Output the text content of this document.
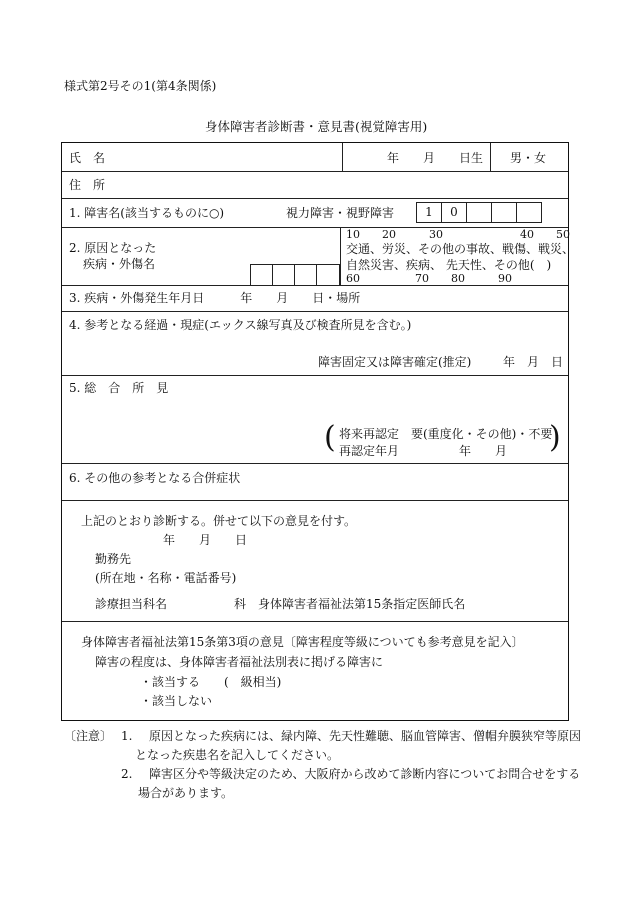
様式第2号その1(第4条関係)
身体障害者診断書・意見書(視覚障害用)
氏　名	年　　月　　日生 男・女
住　所
1. 障害名(該当するものに○)	視力障害・視野障害	1	0
2. 原因となった
疾病・外傷名
10　　20　　　30　　　　　　　40　　50
交通、労災、その他の事故、戦傷、戦災、
自然災害、疾病、 先天性、その他(　)
60　　　　　70　　80　　　90
3. 疾病・外傷発生年月日　　　年　　月　　日・場所
4. 参考となる経過・現症(エックス線写真及び検査所見を含む。)
障害固定又は障害確定(推定)	年　月　日
5. 総　合　所　見
( 将来再認定　要(重度化・その他)・不要
再認定年月　　　　　年　　月 )
6. その他の参考となる合併症状
上記のとおり診断する。併せて以下の意見を付す。
年　　月　　日
勤務先
(所在地・名称・電話番号)
診療担当科名	科　身体障害者福祉法第15条指定医師氏名
身体障害者福祉法第15条第3項の意見〔障害程度等級についても参考意見を記入〕
障害の程度は、身体障害者福祉法別表に掲げる障害に
・該当する　　(　級相当)
・該当しない
〔注意〕 1. 原因となった疾病には、緑内障、先天性難聴、脳血管障害、僧帽弁膜狭窄等原因
となった疾患名を記入してください。
2. 障害区分や等級決定のため、大阪府から改めて診断内容についてお問合せをする
場合があります。
